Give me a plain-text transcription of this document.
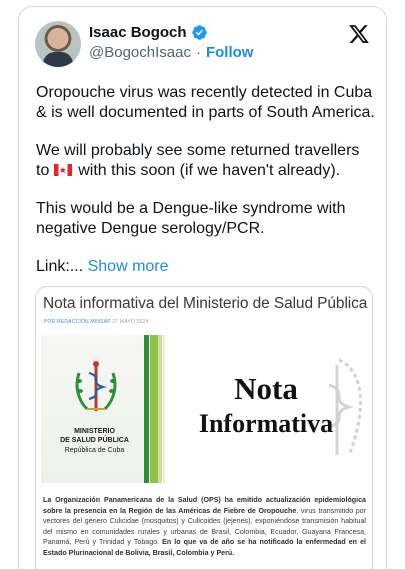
Isaac Bogoch
@BogochIsaac · Follow
Oropouche virus was recently detected in Cuba & is well documented in parts of South America.
We will probably see some returned travellers to with this soon (if we haven't already).
This would be a Dengue-like syndrome with negative Dengue serology/PCR.
Link:... Show more
Nota informativa del Ministerio de Salud Pública
POR REDACCIÓN MINSAP 27 MAYO 2024
MINISTERIO
DE SALUD PÚBLICA
República de Cuba
Nota
Informativa
La Organización Panamericana de la Salud (OPS) ha emitido actualización epidemiológica sobre la presencia en la Región de las Américas de Fiebre de Oropouche, virus transmitido por vectores del género Culicidae (mosquitos) y Culicoides (jejenes), exponiéndose transmisión habitual del mismo en comunidades rurales y urbanas de Brasil, Colombia, Ecuador, Guayana Francesa, Panamá, Perú y Trinidad y Tobago. En lo que va de año se ha notificado la enfermedad en el Estado Plurinacional de Bolivia, Brasil, Colombia y Perú.
